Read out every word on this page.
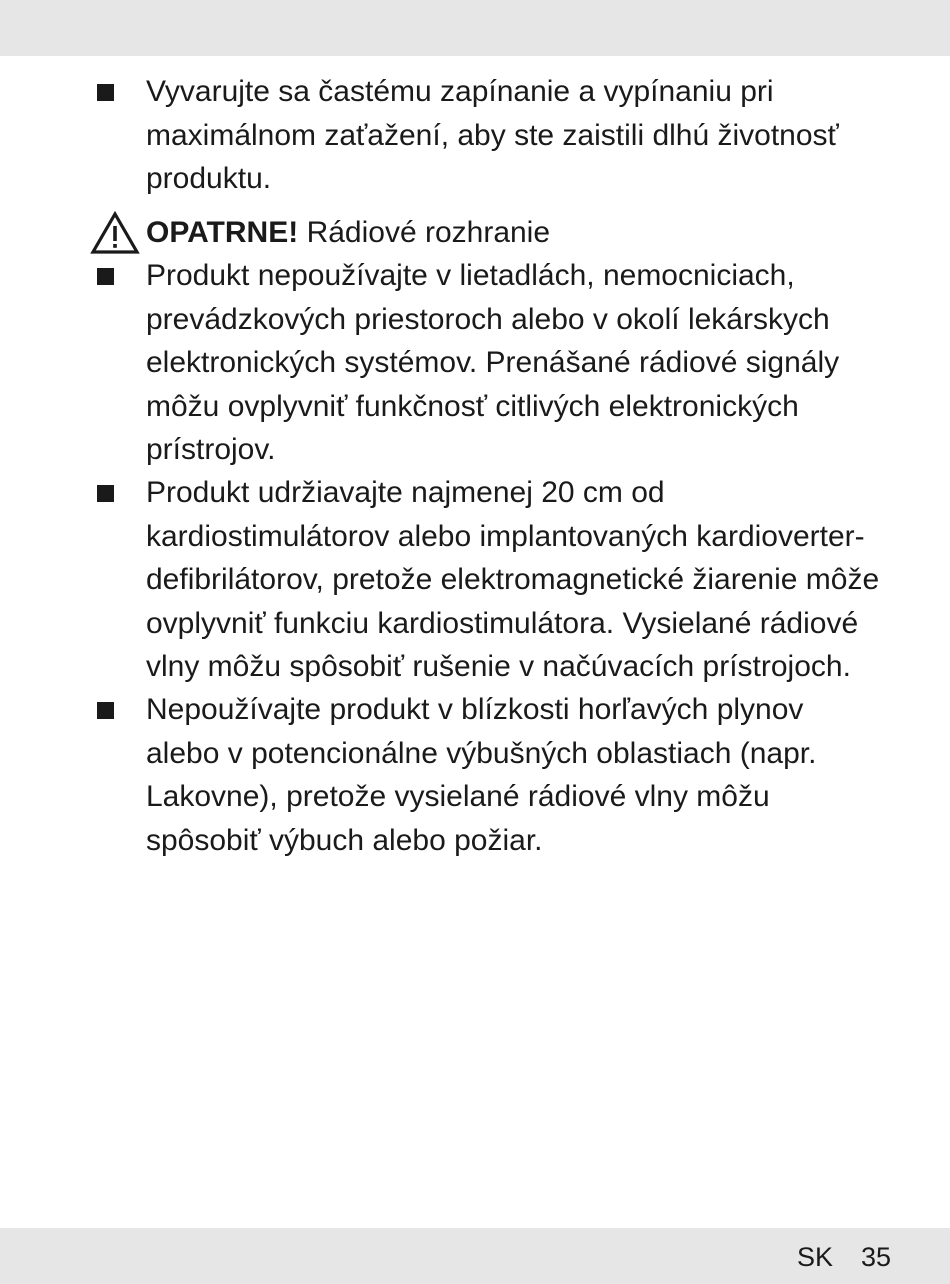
Vyvarujte sa častému zapínanie a vypínaniu pri
maximálnom zaťažení, aby ste zaistili dlhú životnosť
produktu.
OPATRNE! Rádiové rozhranie
Produkt nepoužívajte v lietadlách, nemocniciach,
prevádzkových priestoroch alebo v okolí lekárskych
elektronických systémov. Prenášané rádiové signály
môžu ovplyvniť funkčnosť citlivých elektronických
prístrojov.
Produkt udržiavajte najmenej 20 cm od
kardiostimulátorov alebo implantovaných kardioverter-
defibrilátorov, pretože elektromagnetické žiarenie môže
ovplyvniť funkciu kardiostimulátora. Vysielané rádiové
vlny môžu spôsobiť rušenie v načúvacích prístrojoch.
Nepoužívajte produkt v blízkosti horľavých plynov
alebo v potencionálne výbušných oblastiach (napr.
Lakovne), pretože vysielané rádiové vlny môžu
spôsobiť výbuch alebo požiar.
SK 35
